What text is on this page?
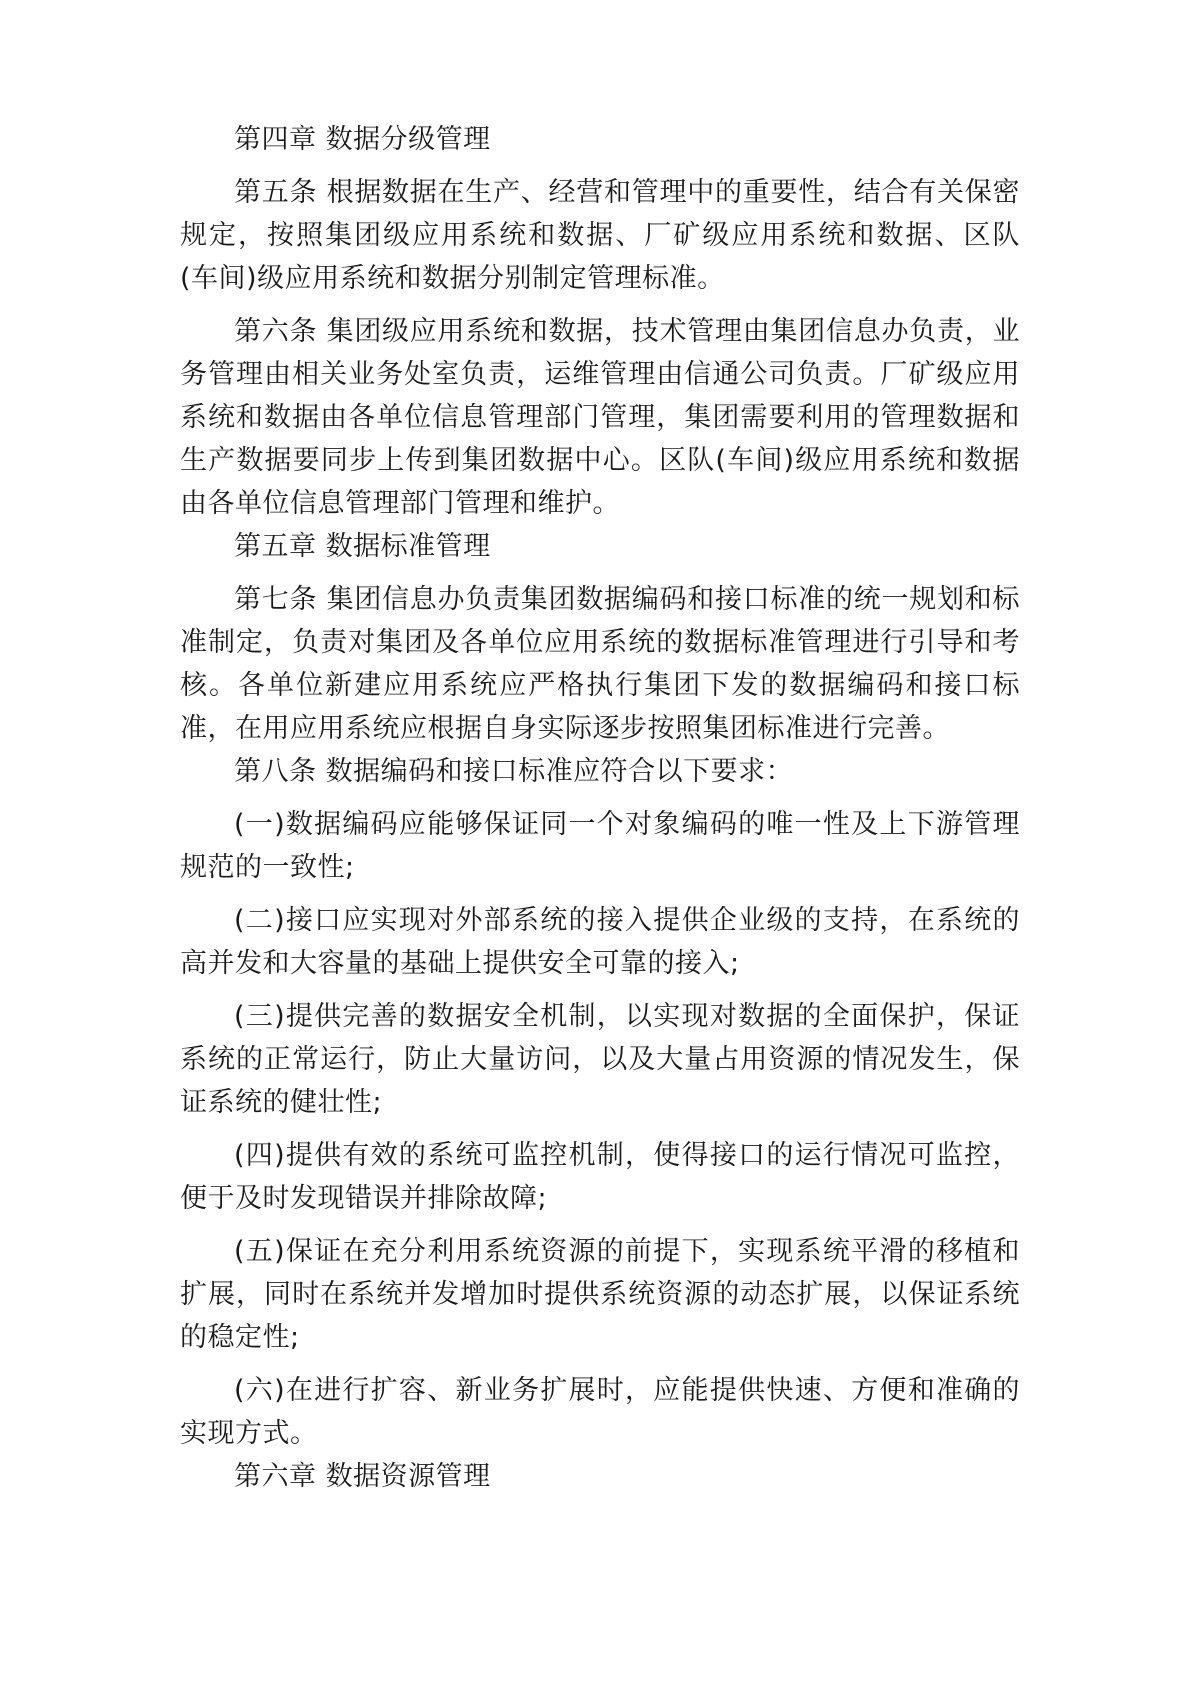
第四章 数据分级管理

第五条 根据数据在生产、经营和管理中的重要性，结合有关保密规定，按照集团级应用系统和数据、厂矿级应用系统和数据、区队 (车间)级应用系统和数据分别制定管理标准。

第六条 集团级应用系统和数据，技术管理由集团信息办负责，业务管理由相关业务处室负责，运维管理由信通公司负责。厂矿级应用系统和数据由各单位信息管理部门管理，集团需要利用的管理数据和生产数据要同步上传到集团数据中心。区队(车间)级应用系统和数据由各单位信息管理部门管理和维护。

第五章 数据标准管理

第七条 集团信息办负责集团数据编码和接口标准的统一规划和标准制定，负责对集团及各单位应用系统的数据标准管理进行引导和考核。各单位新建应用系统应严格执行集团下发的数据编码和接口标准，在用应用系统应根据自身实际逐步按照集团标准进行完善。

第八条 数据编码和接口标准应符合以下要求：

(一)数据编码应能够保证同一个对象编码的唯一性及上下游管理规范的一致性;

(二)接口应实现对外部系统的接入提供企业级的支持，在系统的高并发和大容量的基础上提供安全可靠的接入;

(三)提供完善的数据安全机制，以实现对数据的全面保护，保证系统的正常运行，防止大量访问，以及大量占用资源的情况发生，保证系统的健壮性;

(四)提供有效的系统可监控机制，使得接口的运行情况可监控，便于及时发现错误并排除故障;

(五)保证在充分利用系统资源的前提下，实现系统平滑的移植和扩展，同时在系统并发增加时提供系统资源的动态扩展，以保证系统的稳定性;

(六)在进行扩容、新业务扩展时，应能提供快速、方便和准确的实现方式。

第六章 数据资源管理
